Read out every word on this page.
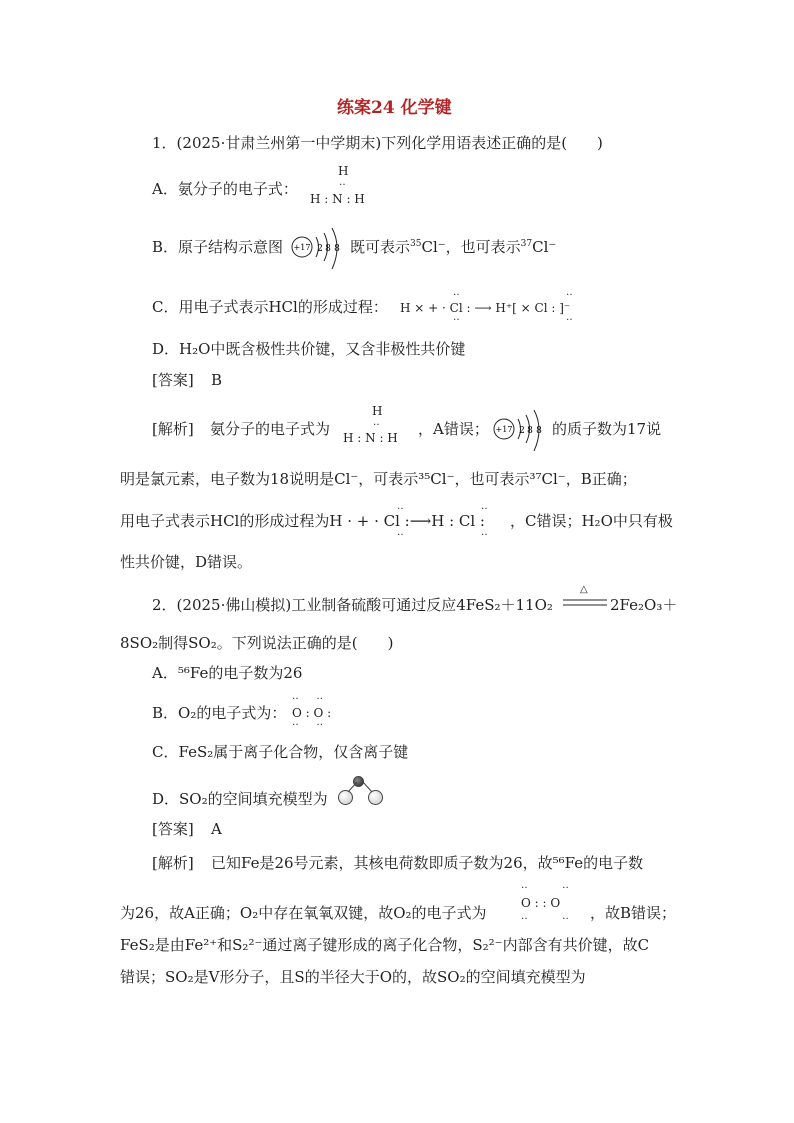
练案24 化学键
1．(2025·甘肃兰州第一中学期末)下列化学用语表述正确的是(　　)
A．氨分子的电子式：
H
‥
H : N : H
B．原子结构示意图 +17 2 8 8 既可表示$^{35}$Cl⁻，也可表示$^{37}$Cl⁻
C．用电子式表示HCl的形成过程：
‥
‥
‥
‥
H × + · Cl : ⟶ H⁺[ × Cl : ]⁻
D．H₂O中既含极性共价键，又含非极性共价键
[答案] B
[解析] 氨分子的电子式为
H
‥
H : N : H ，A错误； +17 2 8 8 的质子数为17说
明是氯元素，电子数为18说明是Cl⁻，可表示³⁵Cl⁻，也可表示³⁷Cl⁻，B正确；
‥
‥
‥
‥
用电子式表示HCl的形成过程为H · + · Cl :⟶H : Cl : ，C错误；H₂O中只有极
性共价键，D错误。
2．(2025·佛山模拟)工业制备硫酸可通过反应4FeS₂＋11O₂
△
2Fe₂O₃＋
8SO₂制得SO₂。下列说法正确的是(　　)
A．⁵⁶Fe的电子数为26
B．O₂的电子式为：
‥    ‥
‥    ‥
O : O :
C．FeS₂属于离子化合物，仅含离子键
D．SO₂的空间填充模型为
[答案] A
[解析] 已知Fe是26号元素，其核电荷数即质子数为26，故⁵⁶Fe的电子数
‥        ‥
‥        ‥
O : : O
为26，故A正确；O₂中存在氧氧双键，故O₂的电子式为	，故B错误；
FeS₂是由Fe²⁺和S₂²⁻通过离子键形成的离子化合物，S₂²⁻内部含有共价键，故C
错误；SO₂是V形分子，且S的半径大于O的，故SO₂的空间填充模型为
